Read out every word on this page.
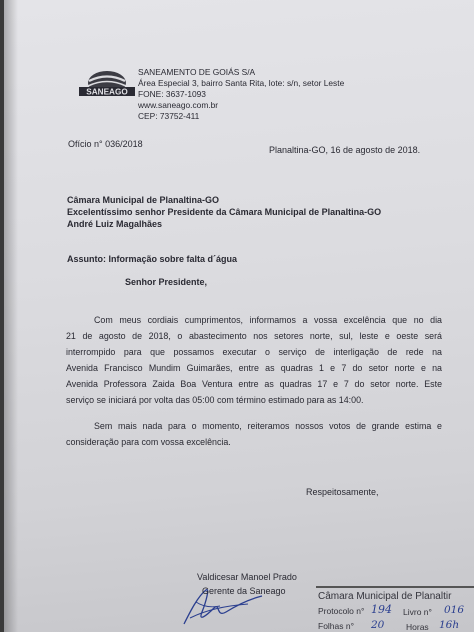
SANEAGO
SANEAMENTO DE GOIÁS S/A
Área Especial 3, bairro Santa Rita, lote: s/n, setor Leste
FONE: 3637-1093
www.saneago.com.br
CEP: 73752-411
Ofício n° 036/2018
Planaltina-GO, 16 de agosto de 2018.
Câmara Municipal de Planaltina-GO
Excelentíssimo senhor Presidente da Câmara Municipal de Planaltina-GO
André Luiz Magalhães
Assunto: Informação sobre falta d´água
Senhor Presidente,
Com meus cordiais cumprimentos, informamos a vossa excelência que no dia
21 de agosto de 2018, o abastecimento nos setores norte, sul, leste e oeste será
interrompido para que possamos executar o serviço de interligação de rede na
Avenida Francisco Mundim Guimarães, entre as quadras 1 e 7 do setor norte e na
Avenida Professora Zaida Boa Ventura entre as quadras 17 e 7 do setor norte. Este
serviço se iniciará por volta das 05:00 com término estimado para as 14:00.
Sem mais nada para o momento, reiteramos nossos votos de grande estima e
consideração para com vossa excelência.
Respeitosamente,
Valdicesar Manoel Prado
Gerente da Saneago	Câmara Municipal de Planaltir
Protocolo n° 194 Livro n° 016
Folhas n° 20	Horas 16h
